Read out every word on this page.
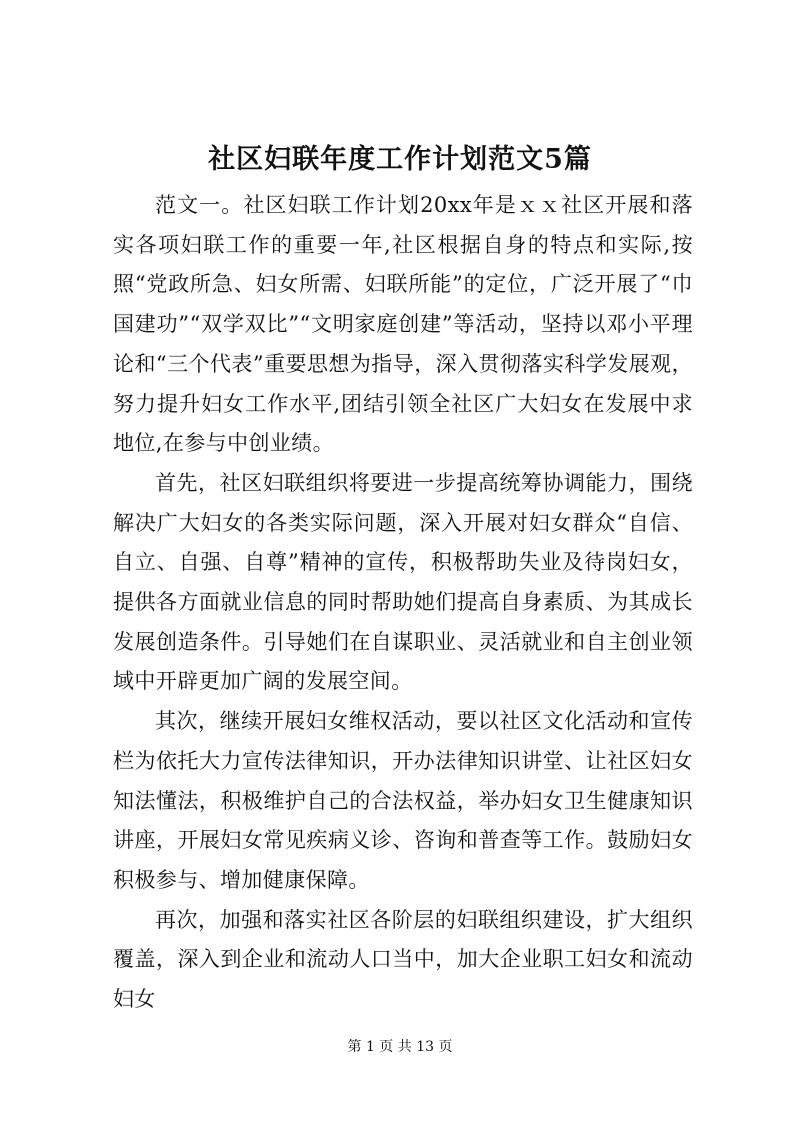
社区妇联年度工作计划范文5篇

范文一。社区妇联工作计划20xx年是ｘｘ社区开展和落实各项妇联工作的重要一年,社区根据自身的特点和实际,按照“党政所急、妇女所需、妇联所能”的定位，广泛开展了“巾国建功”“双学双比”“文明家庭创建”等活动，坚持以邓小平理论和“三个代表”重要思想为指导，深入贯彻落实科学发展观，努力提升妇女工作水平,团结引领全社区广大妇女在发展中求地位,在参与中创业绩。

首先，社区妇联组织将要进一步提高统筹协调能力，围绕解决广大妇女的各类实际问题，深入开展对妇女群众“自信、自立、自强、自尊”精神的宣传，积极帮助失业及待岗妇女，提供各方面就业信息的同时帮助她们提高自身素质、为其成长发展创造条件。引导她们在自谋职业、灵活就业和自主创业领域中开辟更加广阔的发展空间。

其次，继续开展妇女维权活动，要以社区文化活动和宣传栏为依托大力宣传法律知识，开办法律知识讲堂、让社区妇女知法懂法，积极维护自己的合法权益，举办妇女卫生健康知识讲座，开展妇女常见疾病义诊、咨询和普查等工作。鼓励妇女积极参与、增加健康保障。

再次，加强和落实社区各阶层的妇联组织建设，扩大组织覆盖，深入到企业和流动人口当中，加大企业职工妇女和流动妇女

第 1 页 共 13 页
